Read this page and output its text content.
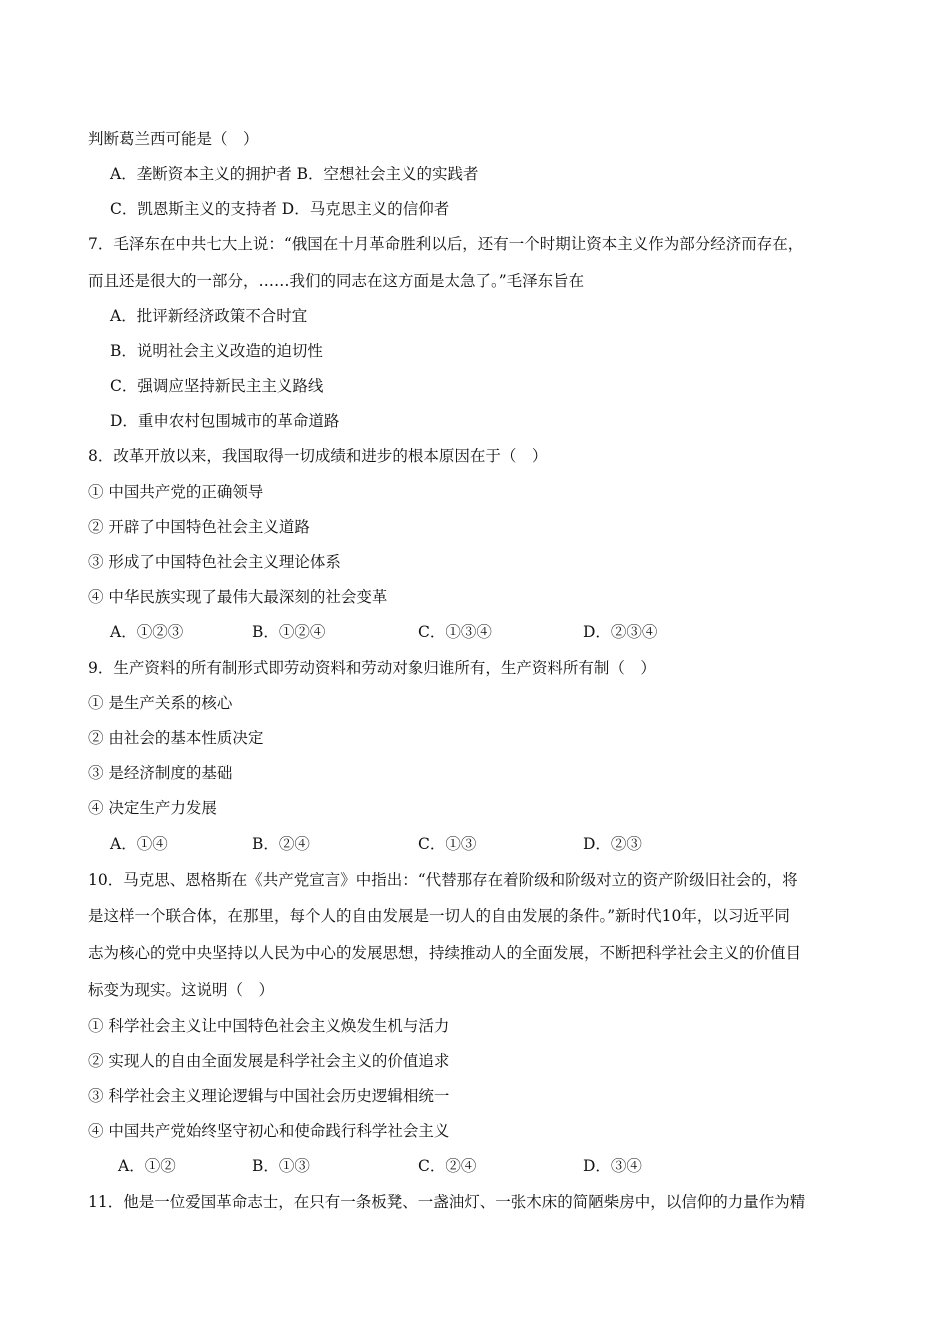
判断葛兰西可能是（　）
A．垄断资本主义的拥护者 B．空想社会主义的实践者
C．凯恩斯主义的支持者 D．马克思主义的信仰者
7．毛泽东在中共七大上说：“俄国在十月革命胜利以后，还有一个时期让资本主义作为部分经济而存在，
而且还是很大的一部分，……我们的同志在这方面是太急了。”毛泽东旨在
A．批评新经济政策不合时宜
B．说明社会主义改造的迫切性
C．强调应坚持新民主主义路线
D．重申农村包围城市的革命道路
8．改革开放以来，我国取得一切成绩和进步的根本原因在于（　）
① 中国共产党的正确领导
② 开辟了中国特色社会主义道路
③ 形成了中国特色社会主义理论体系
④ 中华民族实现了最伟大最深刻的社会变革
A．①②③	B．①②④	C．①③④	D．②③④
9．生产资料的所有制形式即劳动资料和劳动对象归谁所有，生产资料所有制（　）
① 是生产关系的核心
② 由社会的基本性质决定
③ 是经济制度的基础
④ 决定生产力发展
A．①④	B．②④	C．①③	D．②③
10．马克思、恩格斯在《共产党宣言》中指出：“代替那存在着阶级和阶级对立的资产阶级旧社会的，将
是这样一个联合体，在那里，每个人的自由发展是一切人的自由发展的条件。”新时代10年，以习近平同
志为核心的党中央坚持以人民为中心的发展思想，持续推动人的全面发展，不断把科学社会主义的价值目
标变为现实。这说明（　）
① 科学社会主义让中国特色社会主义焕发生机与活力
② 实现人的自由全面发展是科学社会主义的价值追求
③ 科学社会主义理论逻辑与中国社会历史逻辑相统一
④ 中国共产党始终坚守初心和使命践行科学社会主义
A．①②	B．①③	C．②④	D．③④
11．他是一位爱国革命志士，在只有一条板凳、一盏油灯、一张木床的简陋柴房中，以信仰的力量作为精
